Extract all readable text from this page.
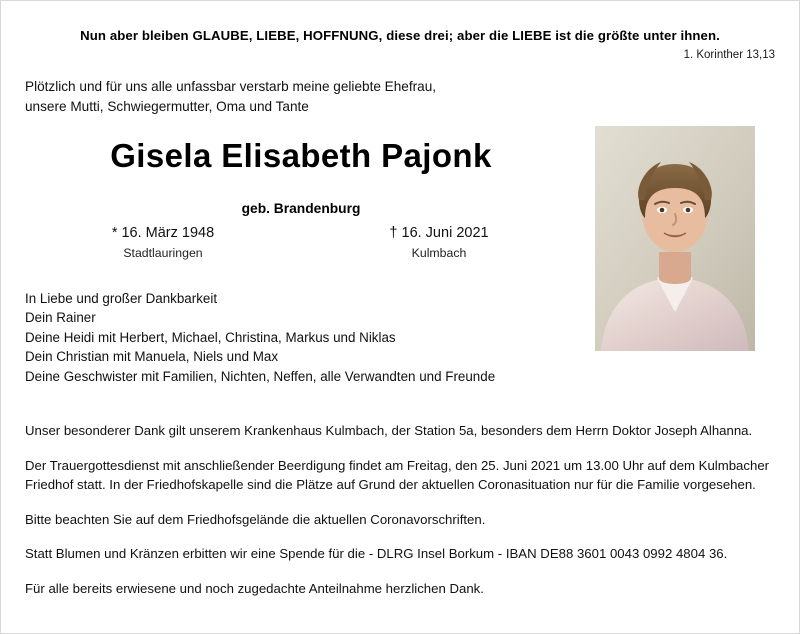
Nun aber bleiben GLAUBE, LIEBE, HOFFNUNG, diese drei; aber die LIEBE ist die größte unter ihnen.
1. Korinther 13,13
Plötzlich und für uns alle unfassbar verstarb meine geliebte Ehefrau,
unsere Mutti, Schwiegermutter, Oma und Tante
Gisela Elisabeth Pajonk
geb. Brandenburg
* 16. März 1948
Stadtlauringen
† 16. Juni 2021
Kulmbach
In Liebe und großer Dankbarkeit
Dein Rainer
Deine Heidi mit Herbert, Michael, Christina, Markus und Niklas
Dein Christian mit Manuela, Niels und Max
Deine Geschwister mit Familien, Nichten, Neffen, alle Verwandten und Freunde
Unser besonderer Dank gilt unserem Krankenhaus Kulmbach, der Station 5a, besonders dem Herrn Doktor Joseph Alhanna.
Der Trauergottesdienst mit anschließender Beerdigung findet am Freitag, den 25. Juni 2021 um 13.00 Uhr auf dem Kulmbacher Friedhof statt. In der Friedhofskapelle sind die Plätze auf Grund der aktuellen Coronasituation nur für die Familie vorgesehen.
Bitte beachten Sie auf dem Friedhofsgelände die aktuellen Coronavorschriften.
Statt Blumen und Kränzen erbitten wir eine Spende für die - DLRG Insel Borkum - IBAN DE88 3601 0043 0992 4804 36.
Für alle bereits erwiesene und noch zugedachte Anteilnahme herzlichen Dank.
